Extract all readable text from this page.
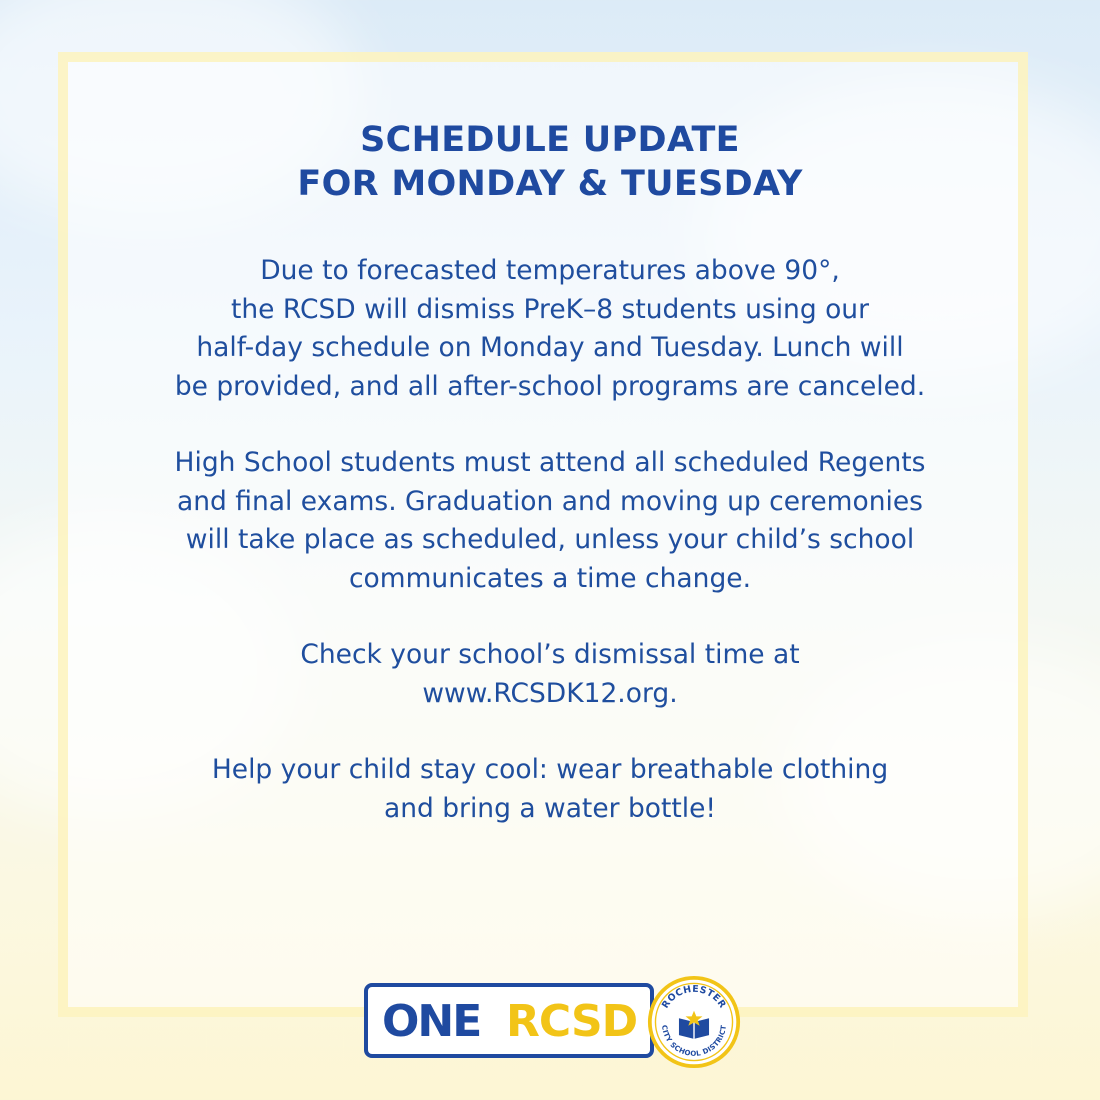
SCHEDULE UPDATE
FOR MONDAY & TUESDAY
Due to forecasted temperatures above 90°,
the RCSD will dismiss PreK–8 students using our
half-day schedule on Monday and Tuesday. Lunch will
be provided, and all after-school programs are canceled.
High School students must attend all scheduled Regents
and final exams. Graduation and moving up ceremonies
will take place as scheduled, unless your child’s school
communicates a time change.
Check your school’s dismissal time at
www.RCSDK12.org.
Help your child stay cool: wear breathable clothing
and bring a water bottle!
ONE RCSD ROCHESTER
CITY SCHOOL DISTRICT
